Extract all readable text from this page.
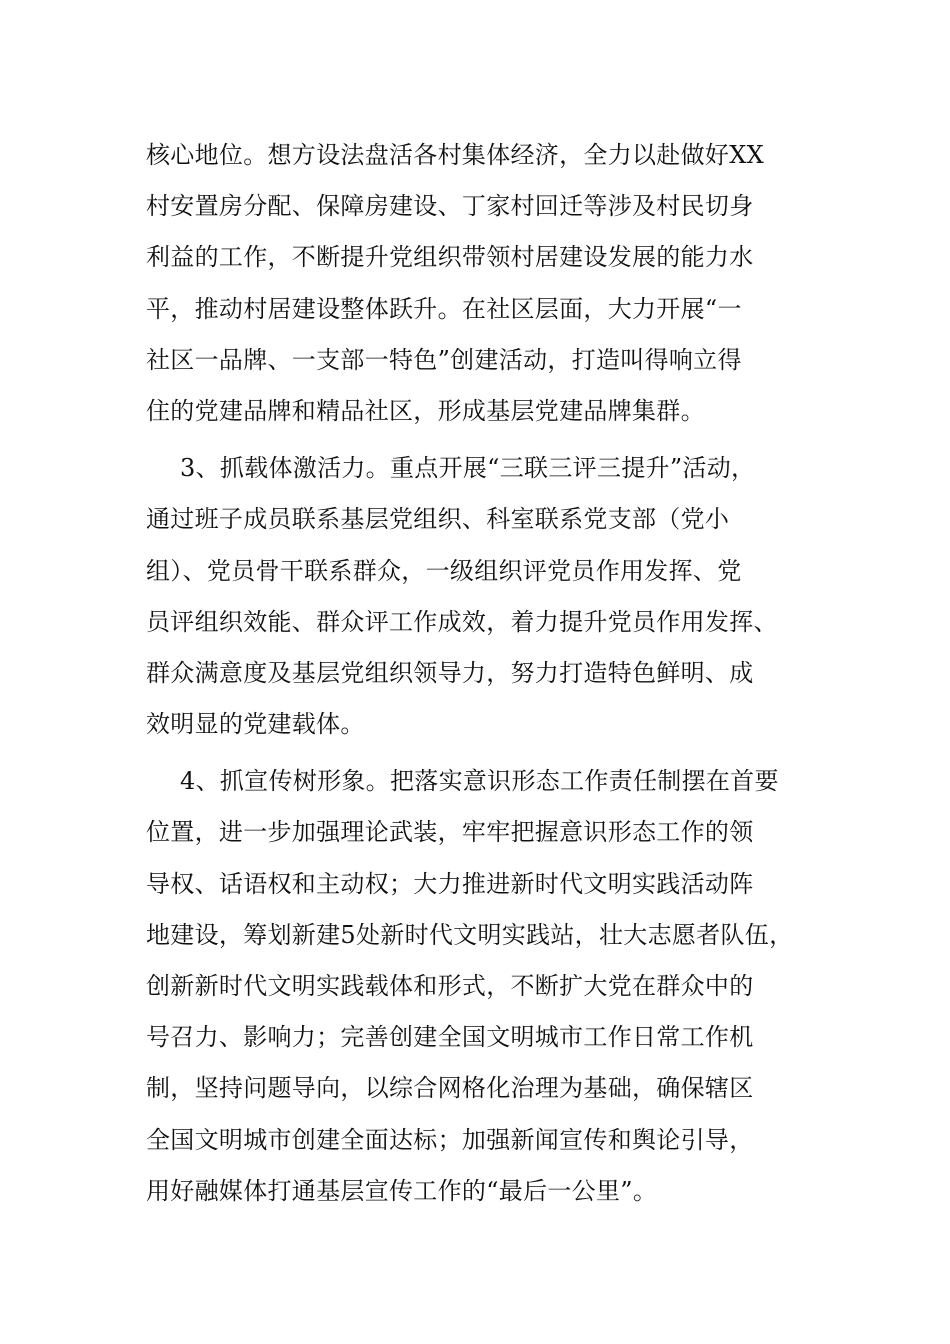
核心地位。想方设法盘活各村集体经济，全力以赴做好XX
村安置房分配、保障房建设、丁家村回迁等涉及村民切身
利益的工作，不断提升党组织带领村居建设发展的能力水
平，推动村居建设整体跃升。在社区层面，大力开展“一
社区一品牌、一支部一特色”创建活动，打造叫得响立得
住的党建品牌和精品社区，形成基层党建品牌集群。
3、抓载体激活力。重点开展“三联三评三提升”活动，
通过班子成员联系基层党组织、科室联系党支部（党小
组）、党员骨干联系群众，一级组织评党员作用发挥、党
员评组织效能、群众评工作成效，着力提升党员作用发挥、
群众满意度及基层党组织领导力，努力打造特色鲜明、成
效明显的党建载体。
4、抓宣传树形象。把落实意识形态工作责任制摆在首要
位置，进一步加强理论武装，牢牢把握意识形态工作的领
导权、话语权和主动权；大力推进新时代文明实践活动阵
地建设，筹划新建5处新时代文明实践站，壮大志愿者队伍，
创新新时代文明实践载体和形式，不断扩大党在群众中的
号召力、影响力；完善创建全国文明城市工作日常工作机
制，坚持问题导向，以综合网格化治理为基础，确保辖区
全国文明城市创建全面达标；加强新闻宣传和舆论引导，
用好融媒体打通基层宣传工作的“最后一公里”。
